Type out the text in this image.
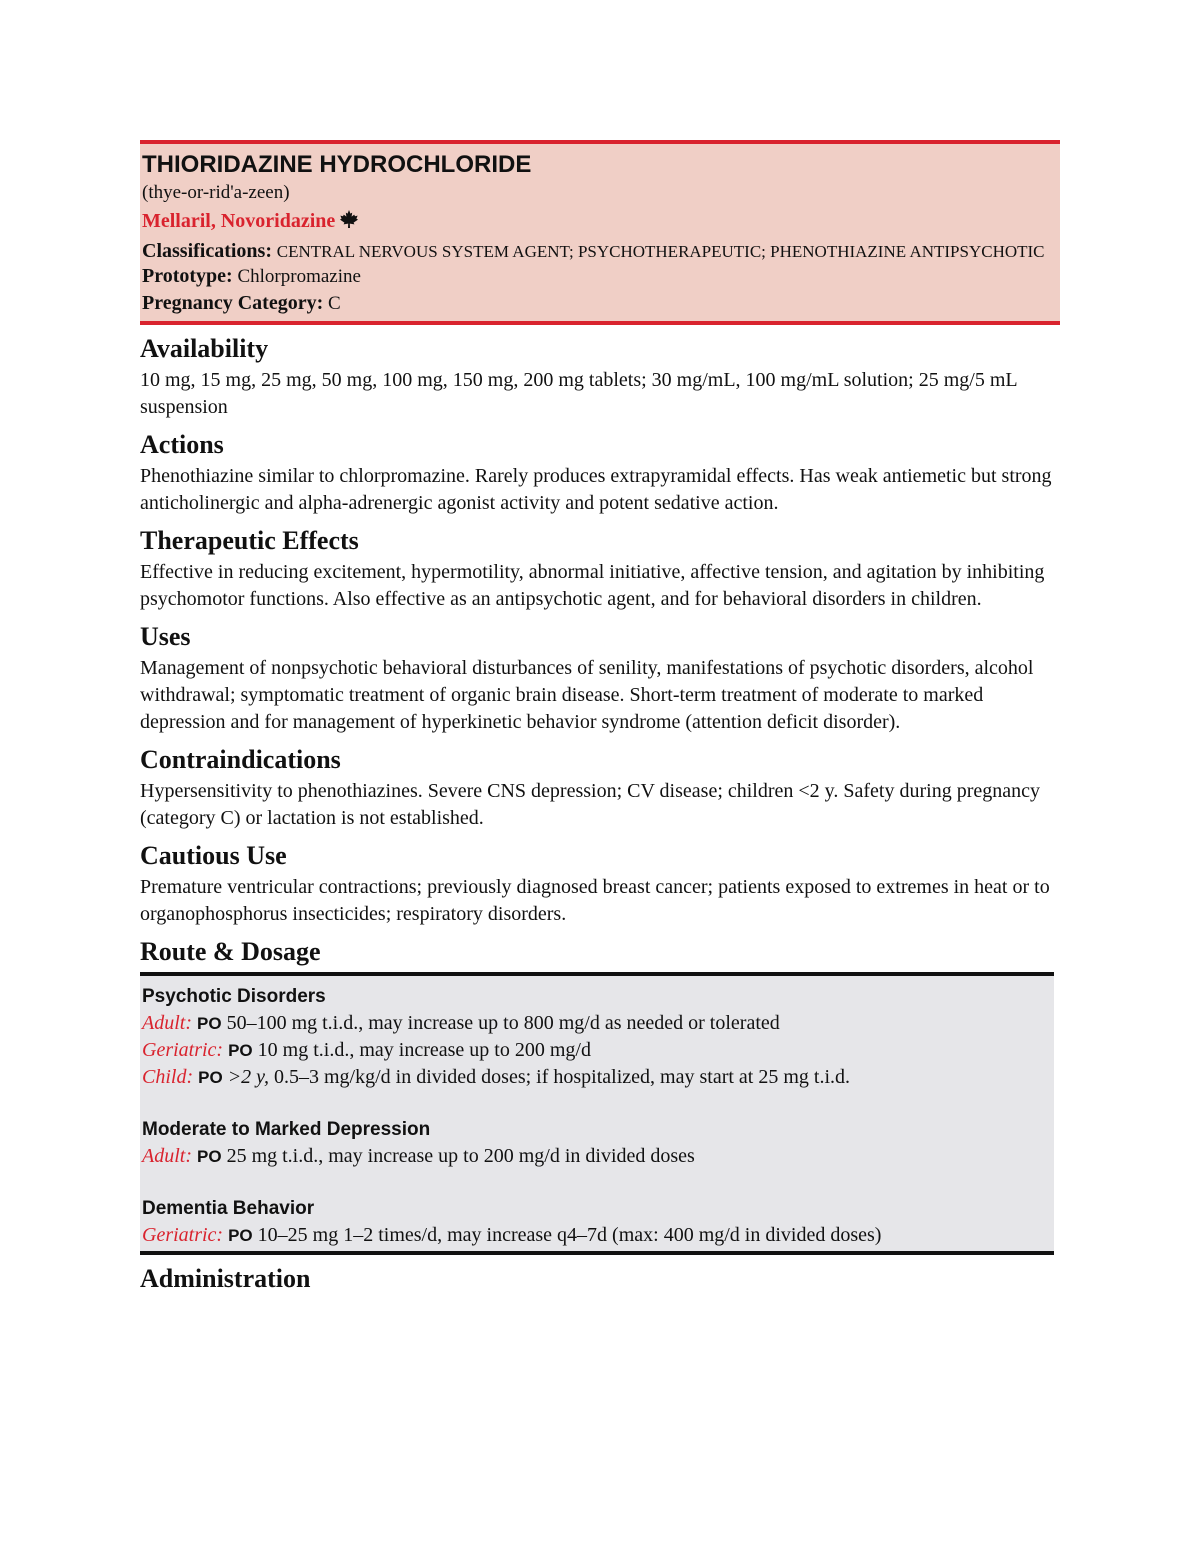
THIORIDAZINE HYDROCHLORIDE
(thye-or-rid'a-zeen)
Mellaril, Novoridazine
Classifications: CENTRAL NERVOUS SYSTEM AGENT; PSYCHOTHERAPEUTIC; PHENOTHIAZINE ANTIPSYCHOTIC
Prototype: Chlorpromazine
Pregnancy Category: C
Availability
10 mg, 15 mg, 25 mg, 50 mg, 100 mg, 150 mg, 200 mg tablets; 30 mg/mL, 100 mg/mL solution; 25 mg/5 mL suspension
Actions
Phenothiazine similar to chlorpromazine. Rarely produces extrapyramidal effects. Has weak antiemetic but strong anticholinergic and alpha-adrenergic agonist activity and potent sedative action.
Therapeutic Effects
Effective in reducing excitement, hypermotility, abnormal initiative, affective tension, and agitation by inhibiting psychomotor functions. Also effective as an antipsychotic agent, and for behavioral disorders in children.
Uses
Management of nonpsychotic behavioral disturbances of senility, manifestations of psychotic disorders, alcohol withdrawal; symptomatic treatment of organic brain disease. Short-term treatment of moderate to marked depression and for management of hyperkinetic behavior syndrome (attention deficit disorder).
Contraindications
Hypersensitivity to phenothiazines. Severe CNS depression; CV disease; children <2 y. Safety during pregnancy (category C) or lactation is not established.
Cautious Use
Premature ventricular contractions; previously diagnosed breast cancer; patients exposed to extremes in heat or to organophosphorus insecticides; respiratory disorders.
Route & Dosage
Psychotic Disorders
Adult: PO 50–100 mg t.i.d., may increase up to 800 mg/d as needed or tolerated
Geriatric: PO 10 mg t.i.d., may increase up to 200 mg/d
Child: PO >2 y, 0.5–3 mg/kg/d in divided doses; if hospitalized, may start at 25 mg t.i.d.
Moderate to Marked Depression
Adult: PO 25 mg t.i.d., may increase up to 200 mg/d in divided doses
Dementia Behavior
Geriatric: PO 10–25 mg 1–2 times/d, may increase q4–7d (max: 400 mg/d in divided doses)
Administration
